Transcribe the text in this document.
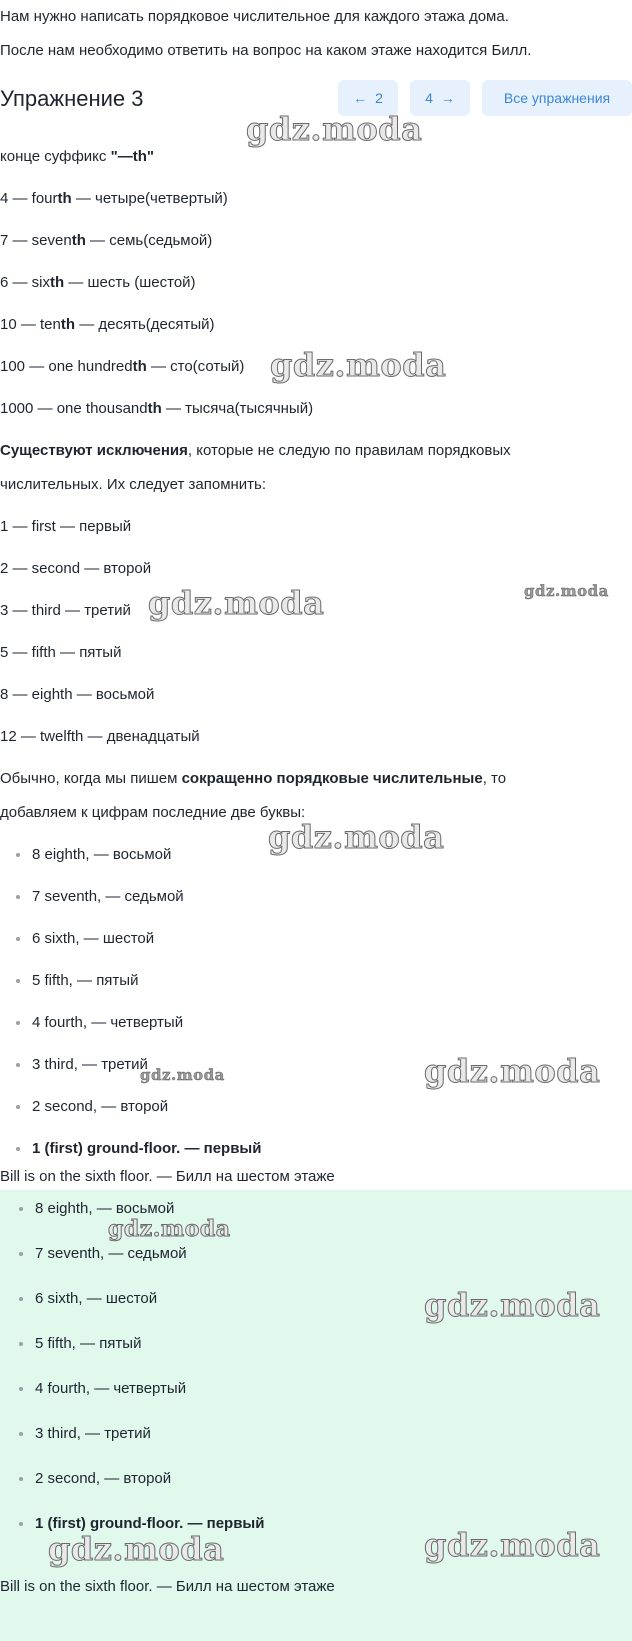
Нам нужно написать порядковое числительное для каждого этажа дома.
После нам необходимо ответить на вопрос на каком этаже находится Билл.
Упражнение 3	← 2	4 →	Все упражнения
конце суффикс "—th"
4 — fourth — четыре(четвертый)
7 — seventh — семь(седьмой)
6 — sixth — шесть (шестой)
10 — tenth — десять(десятый)
100 — one hundredth — сто(сотый)
1000 — one thousandth — тысяча(тысячный)
Существуют исключения, которые не следую по правилам порядковых
числительных. Их следует запомнить:
1 — first — первый
2 — second — второй
3 — third — третий
5 — fifth — пятый
8 — eighth — восьмой
12 — twelfth — двенадцатый
Обычно, когда мы пишем сокращенно порядковые числительные, то
добавляем к цифрам последние две буквы:
8 eighth, — восьмой
7 seventh, — седьмой
6 sixth, — шестой
5 fifth, — пятый
4 fourth, — четвертый
3 third, — третий
2 second, — второй
1 (first) ground-floor. — первый
Bill is on the sixth floor. — Билл на шестом этаже
8 eighth, — восьмой
7 seventh, — седьмой
6 sixth, — шестой
5 fifth, — пятый
4 fourth, — четвертый
3 third, — третий
2 second, — второй
1 (first) ground-floor. — первый
Bill is on the sixth floor. — Билл на шестом этаже
gdz.moda
gdz.moda
gdz.moda
gdz.moda
gdz.moda
gdz.moda	gdz.moda
gdz.moda
gdz.moda
gdz.moda	gdz.moda
